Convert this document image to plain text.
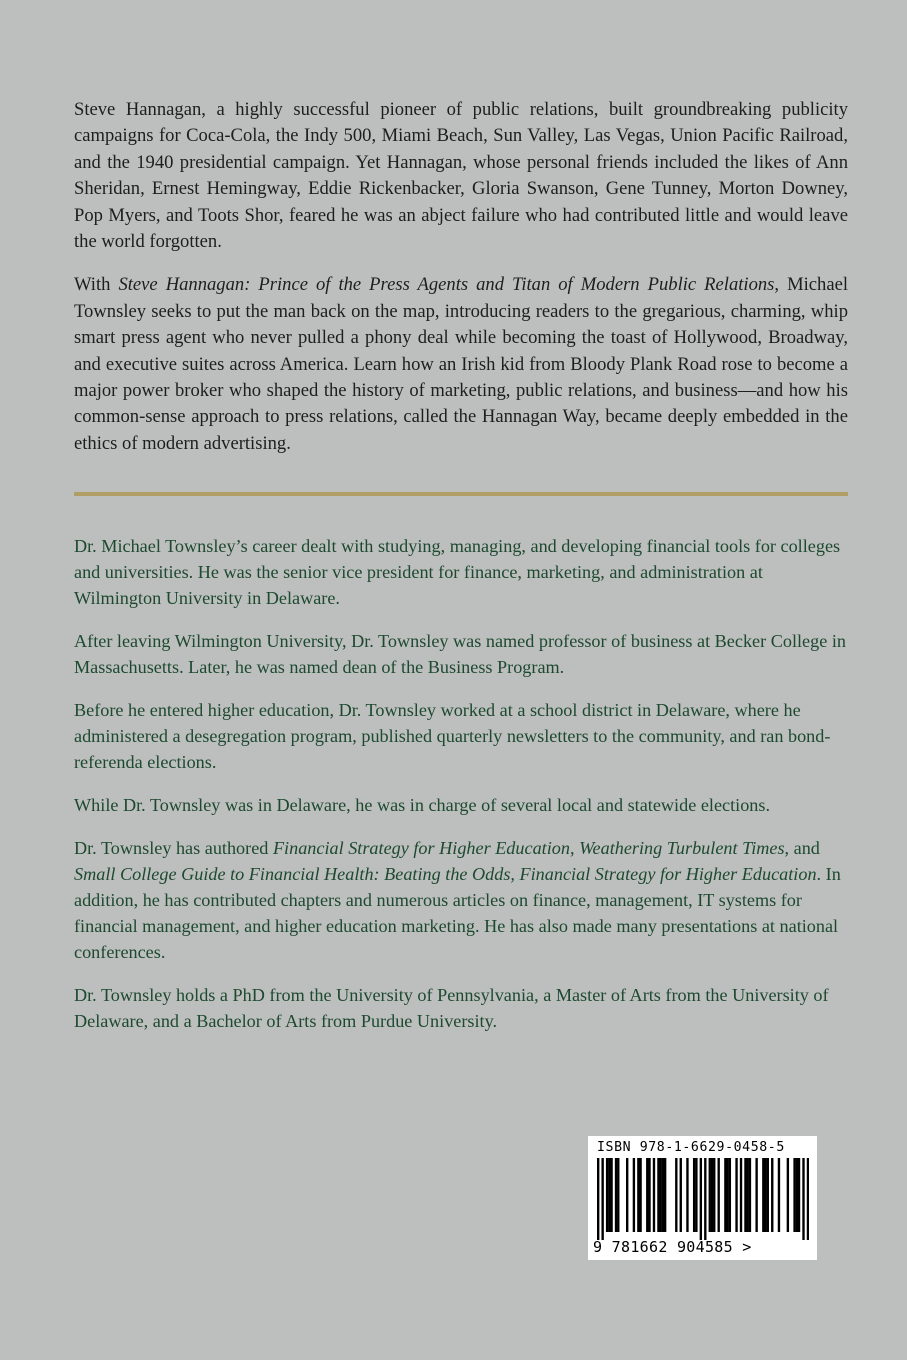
Steve Hannagan, a highly successful pioneer of public relations, built groundbreaking publicity campaigns for Coca-Cola, the Indy 500, Miami Beach, Sun Valley, Las Vegas, Union Pacific Railroad, and the 1940 presidential campaign. Yet Hannagan, whose personal friends included the likes of Ann Sheridan, Ernest Hemingway, Eddie Rickenbacker, Gloria Swanson, Gene Tunney, Morton Downey, Pop Myers, and Toots Shor, feared he was an abject failure who had contributed little and would leave the world forgotten.

With Steve Hannagan: Prince of the Press Agents and Titan of Modern Public Relations, Michael Townsley seeks to put the man back on the map, introducing readers to the gregarious, charming, whip smart press agent who never pulled a phony deal while becoming the toast of Hollywood, Broadway, and executive suites across America. Learn how an Irish kid from Bloody Plank Road rose to become a major power broker who shaped the history of marketing, public relations, and business—and how his common-sense approach to press relations, called the Hannagan Way, became deeply embedded in the ethics of modern advertising.

Dr. Michael Townsley’s career dealt with studying, managing, and developing financial tools for colleges and universities. He was the senior vice president for finance, marketing, and administration at Wilmington University in Delaware.

After leaving Wilmington University, Dr. Townsley was named professor of business at Becker College in Massachusetts. Later, he was named dean of the Business Program.

Before he entered higher education, Dr. Townsley worked at a school district in Delaware, where he administered a desegregation program, published quarterly newsletters to the community, and ran bond-referenda elections.

While Dr. Townsley was in Delaware, he was in charge of several local and statewide elections.

Dr. Townsley has authored Financial Strategy for Higher Education, Weathering Turbulent Times, and Small College Guide to Financial Health: Beating the Odds, Financial Strategy for Higher Education. In addition, he has contributed chapters and numerous articles on finance, management, IT systems for financial management, and higher education marketing. He has also made many presentations at national conferences.

Dr. Townsley holds a PhD from the University of Pennsylvania, a Master of Arts from the University of Delaware, and a Bachelor of Arts from Purdue University.

ISBN 978-1-6629-0458-5
9 781662 904585 >
